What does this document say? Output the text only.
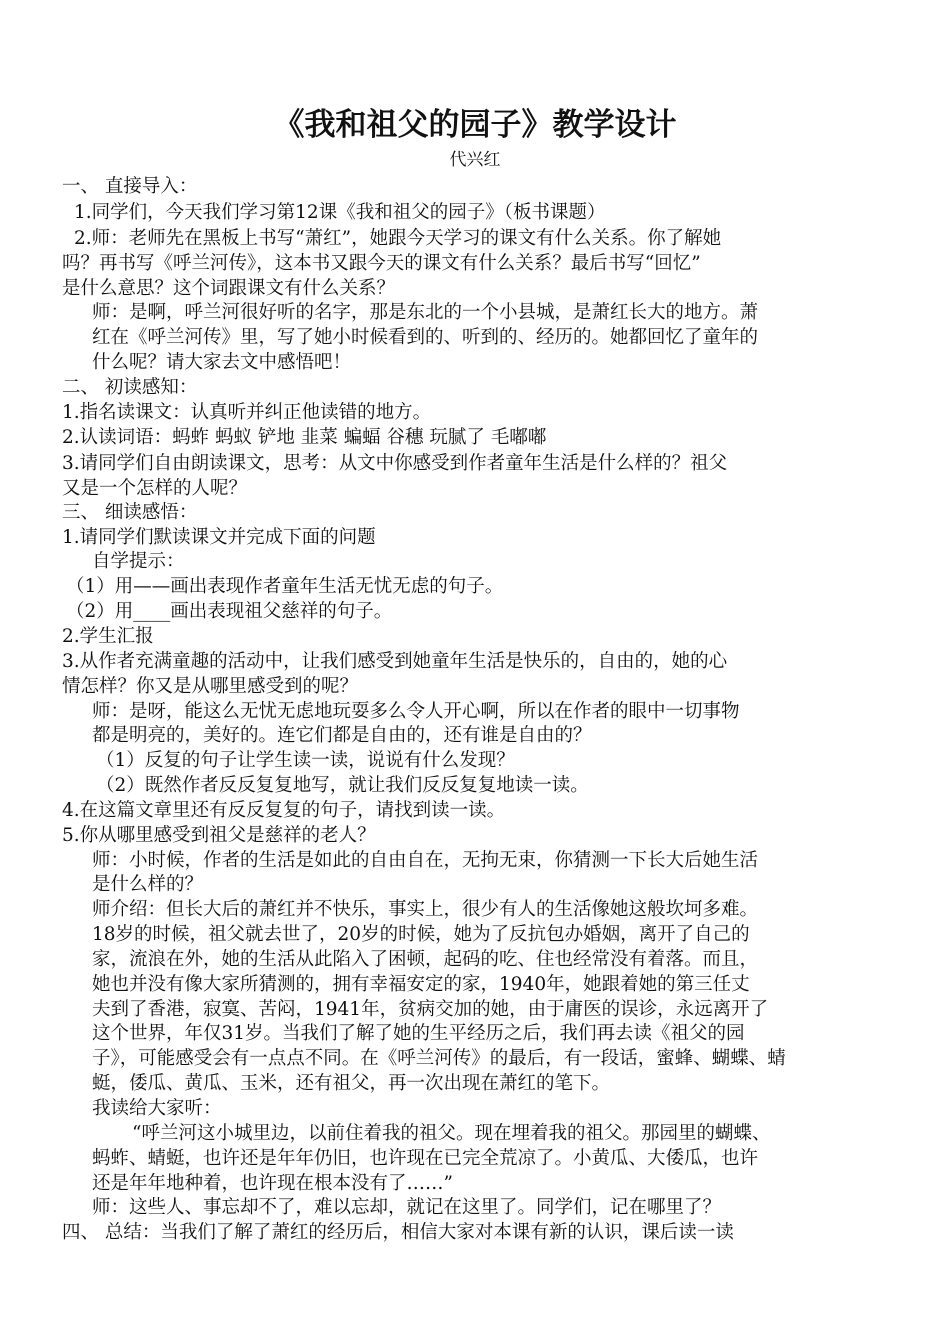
《我和祖父的园子》教学设计
代兴红
一、 直接导入：
1.同学们，今天我们学习第12课《我和祖父的园子》（板书课题）
2.师：老师先在黑板上书写“萧红”，她跟今天学习的课文有什么关系。你了解她
吗？再书写《呼兰河传》，这本书又跟今天的课文有什么关系？最后书写“回忆”
是什么意思？这个词跟课文有什么关系？
师：是啊，呼兰河很好听的名字，那是东北的一个小县城，是萧红长大的地方。萧
红在《呼兰河传》里，写了她小时候看到的、听到的、经历的。她都回忆了童年的
什么呢？请大家去文中感悟吧！
二、 初读感知：
1.指名读课文：认真听并纠正他读错的地方。
2.认读词语：蚂蚱 蚂蚁 铲地 韭菜 蝙蝠 谷穗 玩腻了 毛嘟嘟
3.请同学们自由朗读课文，思考：从文中你感受到作者童年生活是什么样的？祖父
又是一个怎样的人呢？
三、 细读感悟：
1.请同学们默读课文并完成下面的问题
自学提示：
（1）用——画出表现作者童年生活无忧无虑的句子。
（2）用____画出表现祖父慈祥的句子。
2.学生汇报
3.从作者充满童趣的活动中，让我们感受到她童年生活是快乐的，自由的，她的心
情怎样？你又是从哪里感受到的呢？
师：是呀，能这么无忧无虑地玩耍多么令人开心啊，所以在作者的眼中一切事物
都是明亮的，美好的。连它们都是自由的，还有谁是自由的？
（1）反复的句子让学生读一读，说说有什么发现？
（2）既然作者反反复复地写，就让我们反反复复地读一读。
4.在这篇文章里还有反反复复的句子，请找到读一读。
5.你从哪里感受到祖父是慈祥的老人？
师：小时候，作者的生活是如此的自由自在，无拘无束，你猜测一下长大后她生活
是什么样的？
师介绍：但长大后的萧红并不快乐，事实上，很少有人的生活像她这般坎坷多难。
18岁的时候，祖父就去世了，20岁的时候，她为了反抗包办婚姻，离开了自己的
家，流浪在外，她的生活从此陷入了困顿，起码的吃、住也经常没有着落。而且，
她也并没有像大家所猜测的，拥有幸福安定的家，1940年，她跟着她的第三任丈
夫到了香港，寂寞、苦闷，1941年，贫病交加的她，由于庸医的误诊，永远离开了
这个世界，年仅31岁。当我们了解了她的生平经历之后，我们再去读《祖父的园
子》，可能感受会有一点点不同。在《呼兰河传》的最后，有一段话，蜜蜂、蝴蝶、蜻
蜓，倭瓜、黄瓜、玉米，还有祖父，再一次出现在萧红的笔下。
我读给大家听：
“呼兰河这小城里边，以前住着我的祖父。现在埋着我的祖父。那园里的蝴蝶、
蚂蚱、蜻蜓，也许还是年年仍旧，也许现在已完全荒凉了。小黄瓜、大倭瓜，也许
还是年年地种着，也许现在根本没有了……”
师：这些人、事忘却不了，难以忘却，就记在这里了。同学们，记在哪里了？
四、 总结：当我们了解了萧红的经历后，相信大家对本课有新的认识，课后读一读
